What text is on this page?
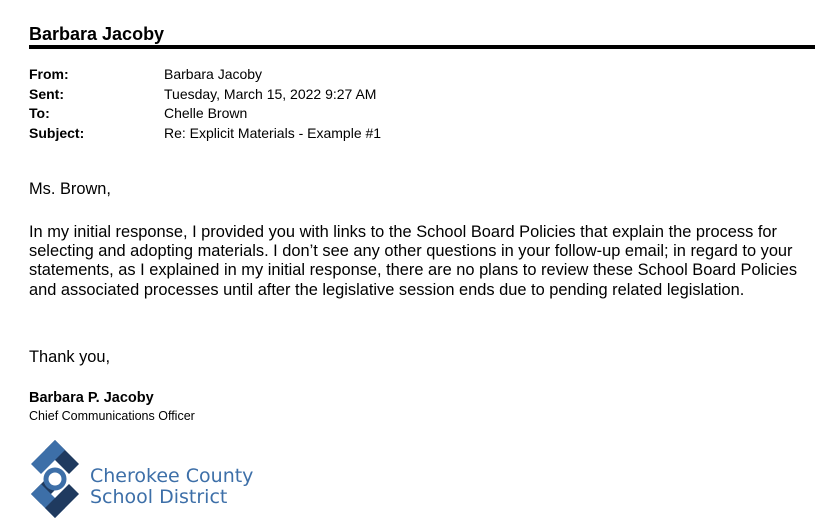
Barbara Jacoby
From:	Barbara Jacoby
Sent:	Tuesday, March 15, 2022 9:27 AM
To:	Chelle Brown
Subject:	Re: Explicit Materials - Example #1
Ms. Brown,
In my initial response, I provided you with links to the School Board Policies that explain the process for selecting and adopting materials. I don’t see any other questions in your follow-up email; in regard to your statements, as I explained in my initial response, there are no plans to review these School Board Policies and associated processes until after the legislative session ends due to pending related legislation.
Thank you,
Barbara P. Jacoby
Chief Communications Officer
Cherokee County
School District
